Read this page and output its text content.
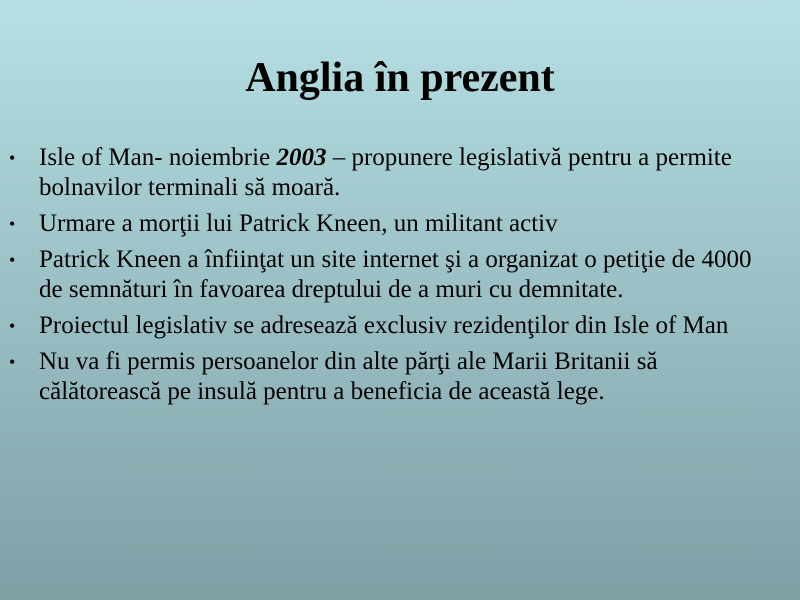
Anglia în prezent
• Isle of Man- noiembrie 2003 – propunere legislativă pentru a permite bolnavilor terminali să moară.
• Urmare a morţii lui Patrick Kneen, un militant activ
• Patrick Kneen a înfiinţat un site internet şi a organizat o petiţie de 4000 de semnături în favoarea dreptului de a muri cu demnitate.
• Proiectul legislativ se adresează exclusiv rezidenţilor din Isle of Man
• Nu va fi permis persoanelor din alte părţi ale Marii Britanii să călătorească pe insulă pentru a beneficia de această lege.
